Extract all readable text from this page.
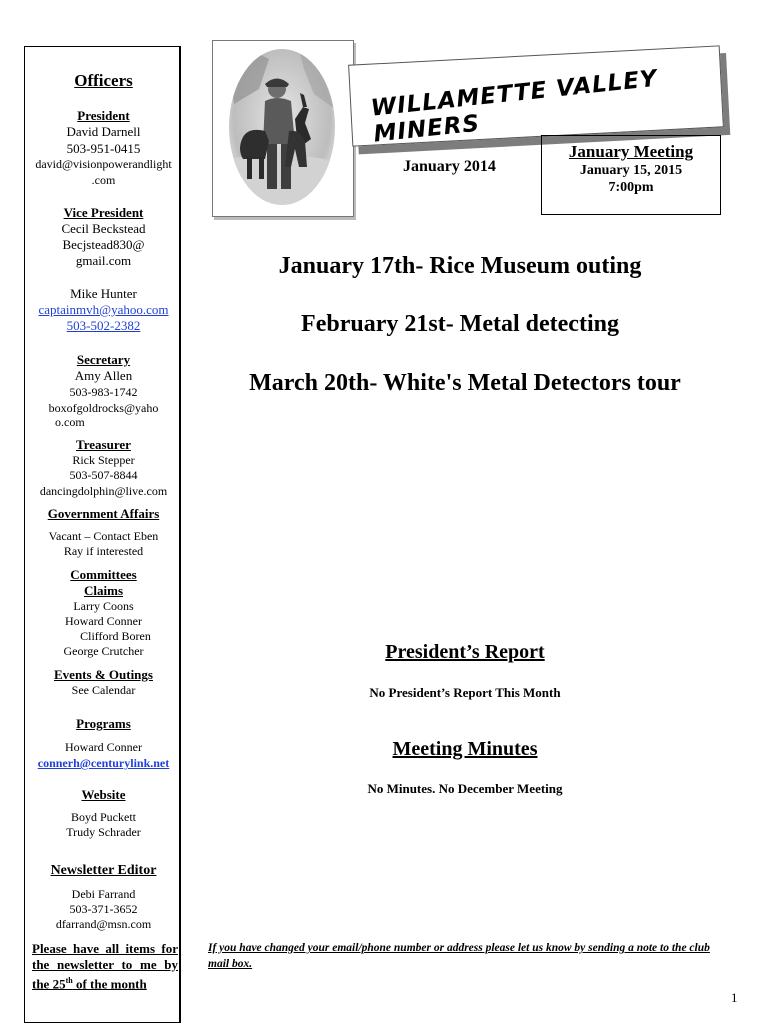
Officers
President
David Darnell
503-951-0415
david@visionpowerandlight
.com
Vice President
Cecil Beckstead
Becjstead830@
gmail.com
Mike Hunter
captainmvh@yahoo.com
503-502-2382
Secretary
Amy Allen
503-983-1742
boxofgoldrocks@yaho
o.com
Treasurer
Rick Stepper
503-507-8844
dancingdolphin@live.com
Government Affairs
Vacant – Contact Eben
Ray if interested
Committees
Claims
Larry Coons
Howard Conner
Clifford Boren
George Crutcher
Events & Outings
See Calendar
Programs
Howard Conner
connerh@centurylink.net
Website
Boyd Puckett
Trudy Schrader
Newsletter Editor
Debi Farrand
503-371-3652
dfarrand@msn.com
Please have all items for the newsletter to me by the 25th of the month
WILLAMETTE VALLEY MINERS
January 2014
January Meeting
January 15, 2015
7:00pm
January 17th- Rice Museum outing
February 21st- Metal detecting
March 20th- White's Metal Detectors tour
President’s Report
No President’s Report This Month
Meeting Minutes
No Minutes. No December Meeting
If you have changed your email/phone number or address please let us know by sending a note to the club mail box.
1
